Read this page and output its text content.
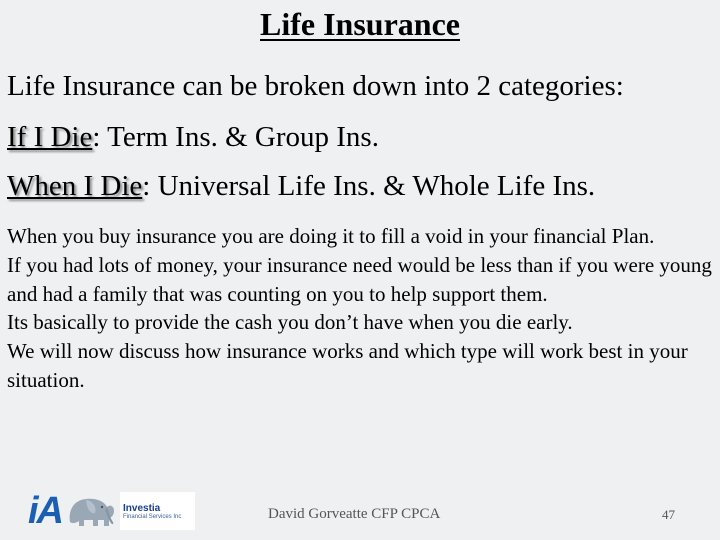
Life Insurance
Life Insurance can be broken down into 2 categories:
If I Die: Term Ins. & Group Ins.
When I Die: Universal Life Ins. & Whole Life Ins.

When you buy insurance you are doing it to fill a void in your financial Plan.

If you had lots of money, your insurance need would be less than if you were young and had a family that was counting on you to help support them.

Its basically to provide the cash you don’t have when you die early.

We will now discuss how insurance works and which type will work best in your situation.

iA	Investia
Financial Services Inc	David Gorveatte CFP CPCA	47
